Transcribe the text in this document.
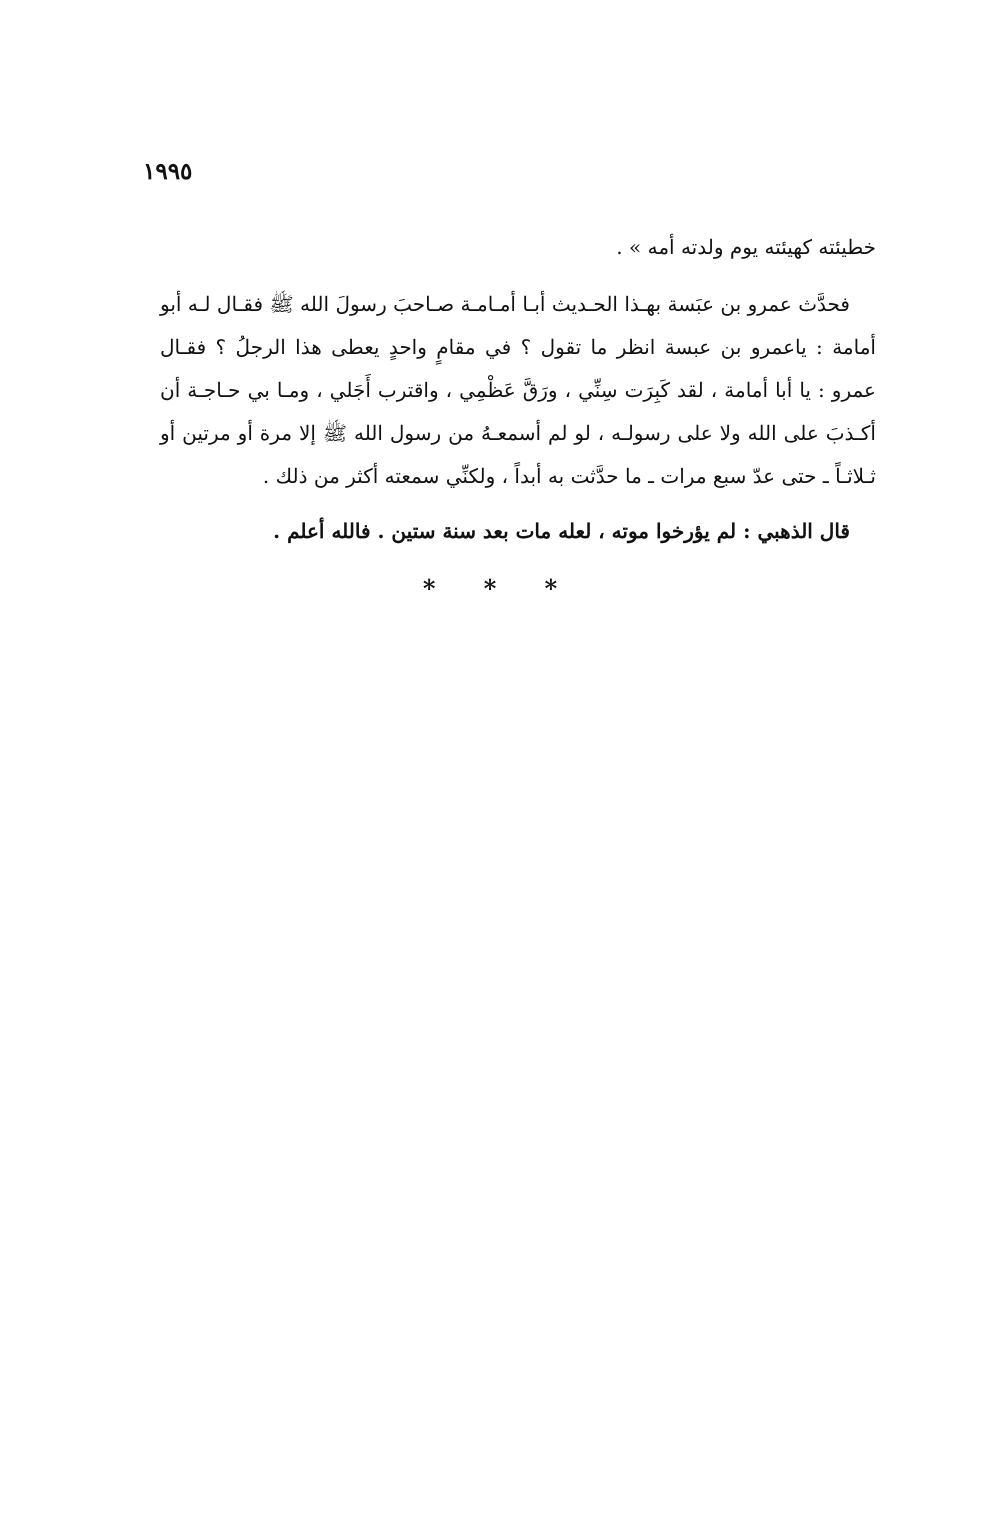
١٩٩٥

خطيئته كهيئته يوم ولدته أمه » .

فحدَّث عمرو بن عبَسة بهـذا الحـديث أبـا أمـامـة صـاحبَ رسولَ الله ﷺ فقـال لـه أبو أمامة : ياعمرو بن عبسة انظر ما تقول ؟ في مقامٍ واحدٍ يعطى هذا الرجلُ ؟ فقـال عمرو : يا أبا أمامة ، لقد كَبِرَت سِنِّي ، ورَقَّ عَظْمِي ، واقترب أَجَلي ، ومـا بي حـاجـة أن أكـذبَ على الله ولا على رسولـه ، لو لم أسمعـهُ من رسول الله ﷺ إلا مرة أو مرتين أو ثـلاثـاً ـ حتى عدّ سبع مرات ـ ما حدَّثت به أبداً ، ولكنِّي سمعته أكثر من ذلك .

قال الذهبي : لم يؤرخوا موته ، لعله مات بعد سنة ستين . فالله أعلم .

* * *
